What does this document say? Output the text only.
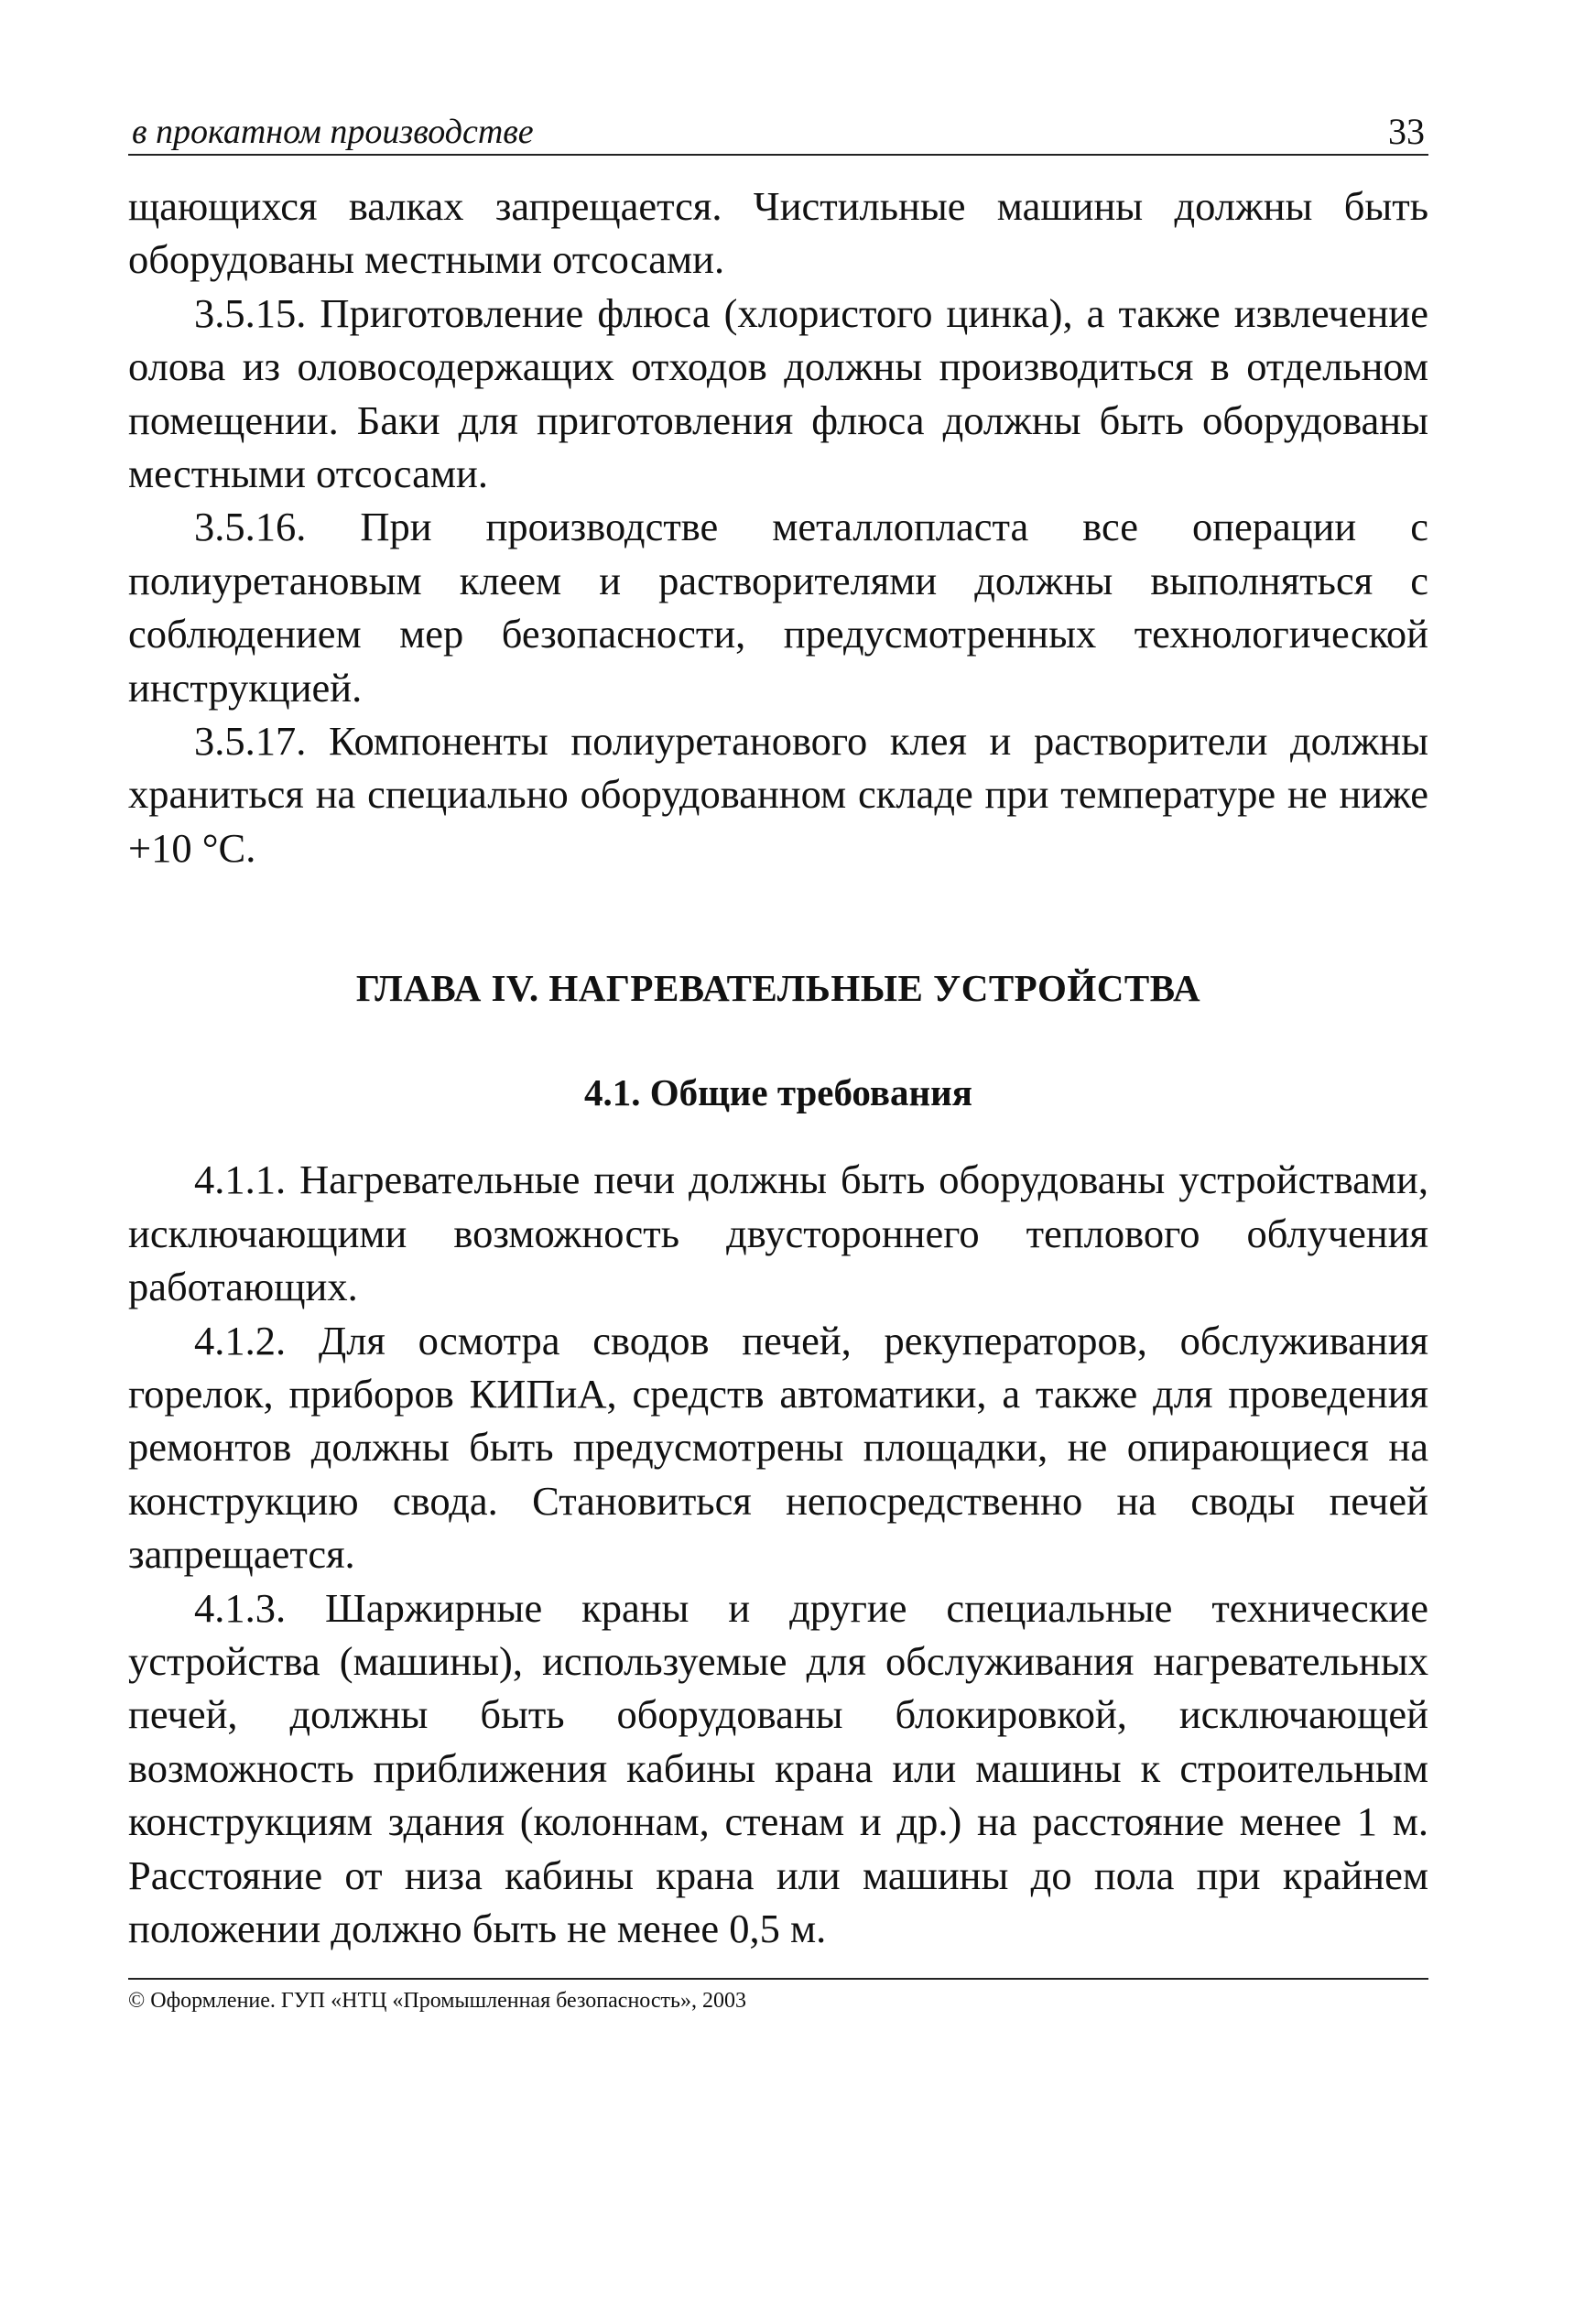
в прокатном производстве	33

щающихся валках запрещается. Чистильные машины должны быть оборудованы местными отсосами.

3.5.15. Приготовление флюса (хлористого цинка), а также извлечение олова из оловосодержащих отходов должны производиться в отдельном помещении. Баки для приготовления флюса должны быть оборудованы местными отсосами.

3.5.16. При производстве металлопласта все операции с полиуретановым клеем и растворителями должны выполняться с соблюдением мер безопасности, предусмотренных технологической инструкцией.

3.5.17. Компоненты полиуретанового клея и растворители должны храниться на специально оборудованном складе при температуре не ниже +10 °С.

ГЛАВА IV. НАГРЕВАТЕЛЬНЫЕ УСТРОЙСТВА
4.1. Общие требования

4.1.1. Нагревательные печи должны быть оборудованы устройствами, исключающими возможность двустороннего теплового облучения работающих.

4.1.2. Для осмотра сводов печей, рекуператоров, обслуживания горелок, приборов КИПиА, средств автоматики, а также для проведения ремонтов должны быть предусмотрены площадки, не опирающиеся на конструкцию свода. Становиться непосредственно на своды печей запрещается.

4.1.3. Шаржирные краны и другие специальные технические устройства (машины), используемые для обслуживания нагревательных печей, должны быть оборудованы блокировкой, исключающей возможность приближения кабины крана или машины к строительным конструкциям здания (колоннам, стенам и др.) на расстояние менее 1 м. Расстояние от низа кабины крана или машины до пола при крайнем положении должно быть не менее 0,5 м.

© Оформление. ГУП «НТЦ «Промышленная безопасность», 2003
